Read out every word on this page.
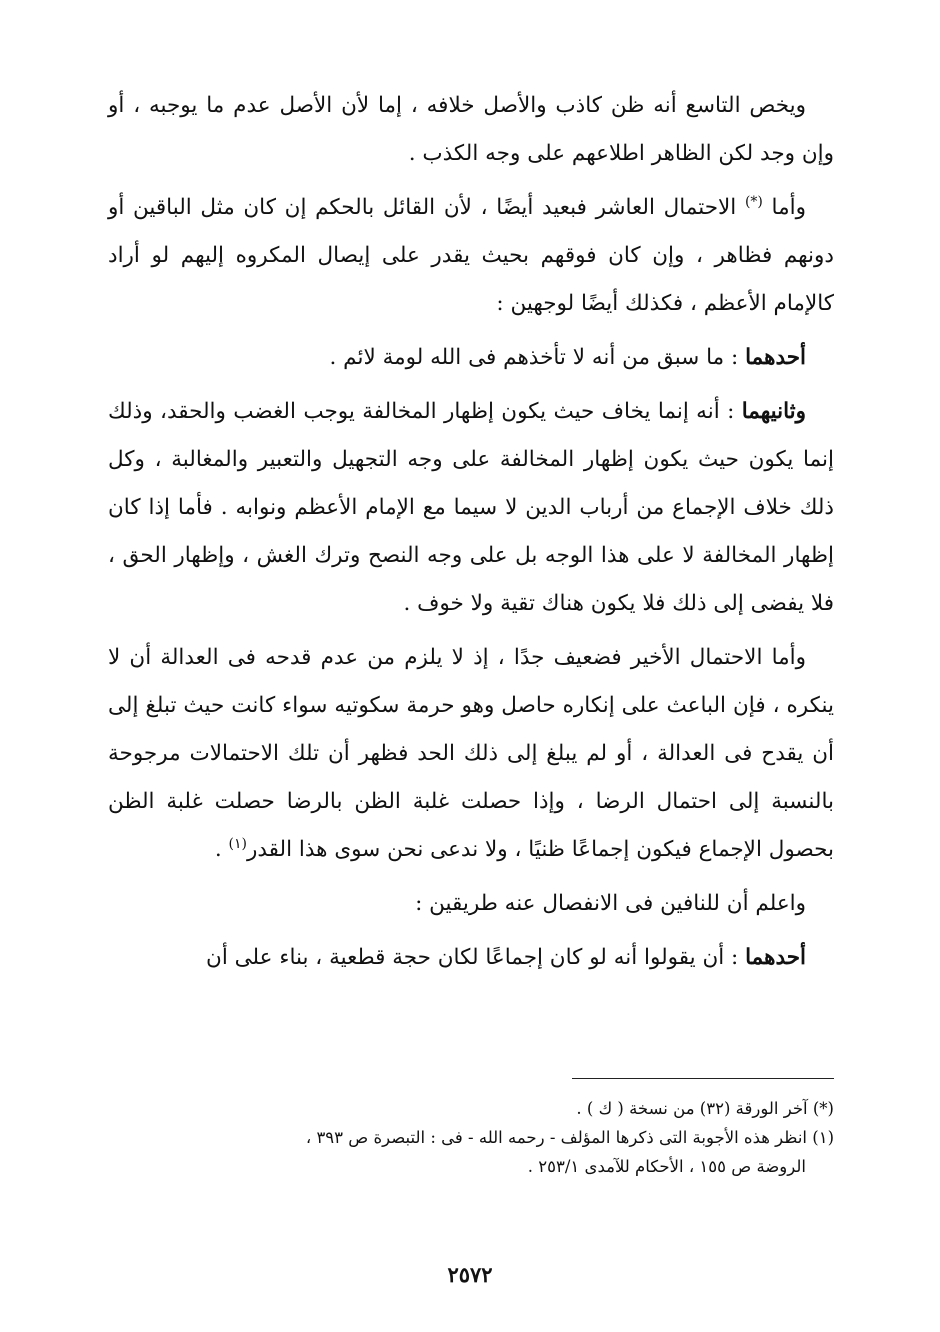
ويخص التاسع أنه ظن كاذب والأصل خلافه ، إما لأن الأصل عدم ما يوجبه ، أو وإن وجد لكن الظاهر اطلاعهم على وجه الكذب .

وأما (*) الاحتمال العاشر فبعيد أيضًا ، لأن القائل بالحكم إن كان مثل الباقين أو دونهم فظاهر ، وإن كان فوقهم بحيث يقدر على إيصال المكروه إليهم لو أراد كالإمام الأعظم ، فكذلك أيضًا لوجهين :

أحدهما : ما سبق من أنه لا تأخذهم فى الله لومة لائم .

وثانيهما : أنه إنما يخاف حيث يكون إظهار المخالفة يوجب الغضب والحقد، وذلك إنما يكون حيث يكون إظهار المخالفة على وجه التجهيل والتعبير والمغالبة ، وكل ذلك خلاف الإجماع من أرباب الدين لا سيما مع الإمام الأعظم ونوابه . فأما إذا كان إظهار المخالفة لا على هذا الوجه بل على وجه النصح وترك الغش ، وإظهار الحق ، فلا يفضى إلى ذلك فلا يكون هناك تقية ولا خوف .

وأما الاحتمال الأخير فضعيف جدًا ، إذ لا يلزم من عدم قدحه فى العدالة أن لا ينكره ، فإن الباعث على إنكاره حاصل وهو حرمة سكوتيه سواء كانت حيث تبلغ إلى أن يقدح فى العدالة ، أو لم يبلغ إلى ذلك الحد فظهر أن تلك الاحتمالات مرجوحة بالنسبة إلى احتمال الرضا ، وإذا حصلت غلبة الظن بالرضا حصلت غلبة الظن بحصول الإجماع فيكون إجماعًا ظنيًا ، ولا ندعى نحن سوى هذا القدر$^{(١)}$ .

واعلم أن للنافين فى الانفصال عنه طريقين :

أحدهما : أن يقولوا أنه لو كان إجماعًا لكان حجة قطعية ، بناء على أن

(*) آخر الورقة (٣٢) من نسخة ( ك ) .

(١) انظر هذه الأجوبة التى ذكرها المؤلف - رحمه الله - فى : التبصرة ص ٣٩٣ ،

الروضة ص ١٥٥ ، الأحكام للآمدى ٢٥٣/١ .

٢٥٧٢
